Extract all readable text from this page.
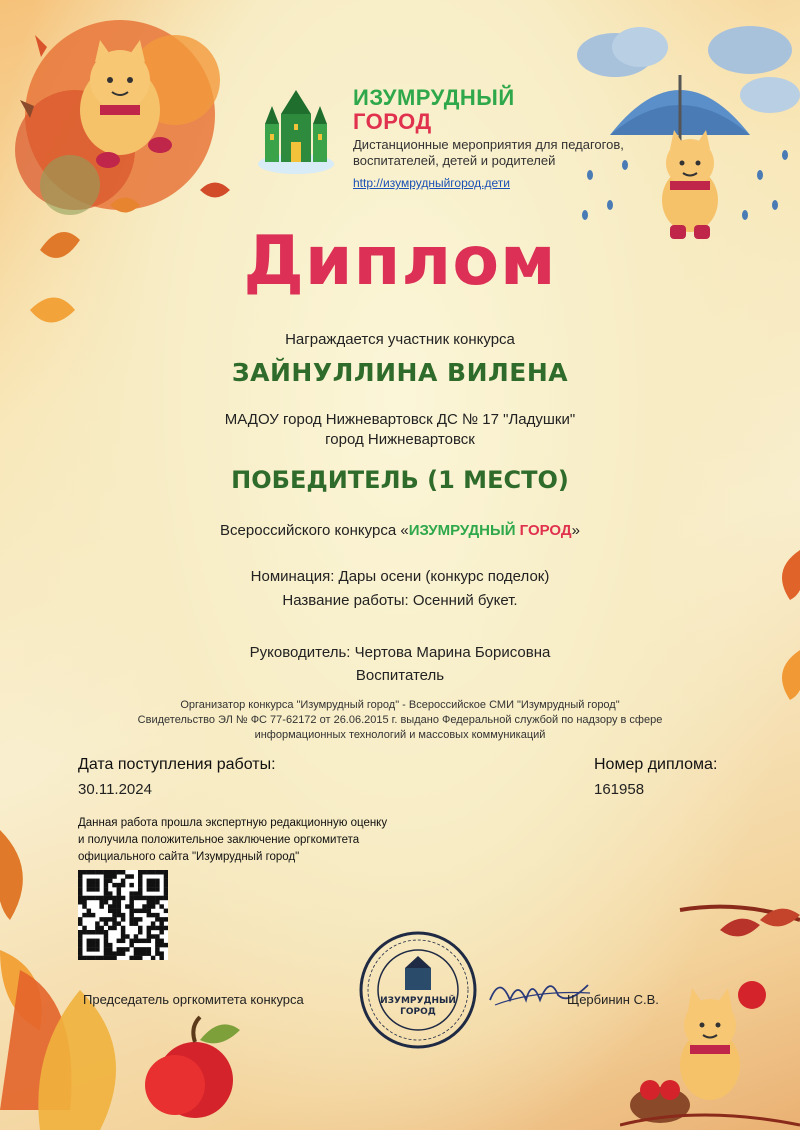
ИЗУМРУДНЫЙ
ГОРОД
Дистанционные мероприятия для педагогов,
воспитателей, детей и родителей
http://изумрудныйгород.дети
Диплом
Награждается участник конкурса
ЗАЙНУЛЛИНА ВИЛЕНА
МАДОУ город Нижневартовск ДС № 17 "Ладушки"
город Нижневартовск
ПОБЕДИТЕЛЬ (1 МЕСТО)
Всероссийского конкурса «ИЗУМРУДНЫЙ ГОРОД»
Номинация: Дары осени (конкурс поделок)
Название работы: Осенний букет.
Руководитель: Чертова Марина Борисовна
Воспитатель
Организатор конкурса "Изумрудный город" - Всероссийское СМИ "Изумрудный город"
Свидетельство ЭЛ № ФС 77-62172 от 26.06.2015 г. выдано Федеральной службой по надзору в сфере
информационных технологий и массовых коммуникаций
Дата поступления работы:
30.11.2024
Номер диплома:
161958
Данная работа прошла экспертную редакционную оценку
и получила положительное заключение оргкомитета
официального сайта "Изумрудный город"
Председатель оргкомитета конкурса	ИЗУМРУДНЫЙ
ГОРОД
Щербинин С.В.
